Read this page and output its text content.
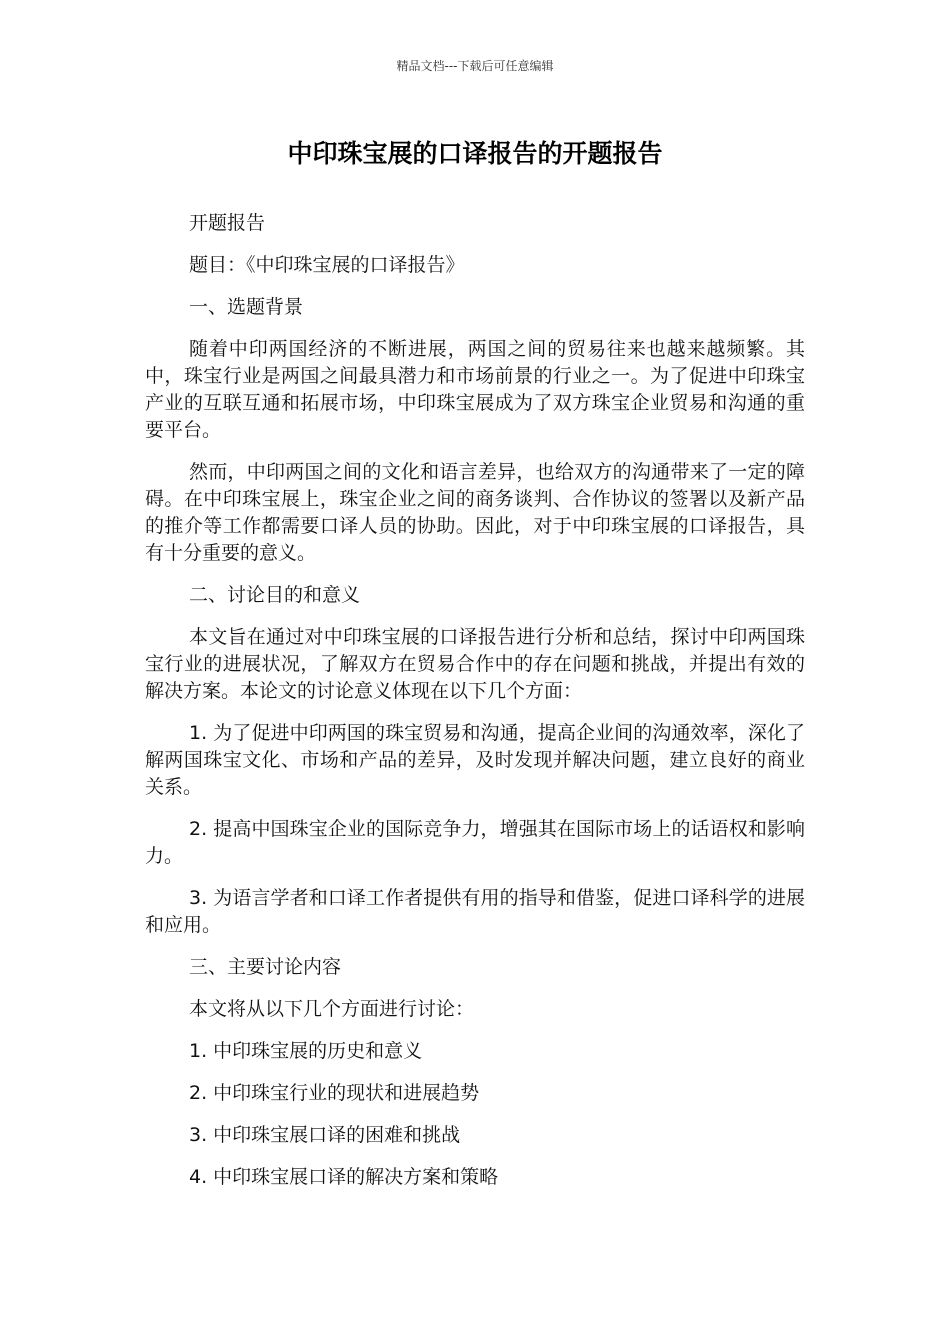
精品文档---下载后可任意编辑
中印珠宝展的口译报告的开题报告

开题报告

题目：《中印珠宝展的口译报告》

一、选题背景

随着中印两国经济的不断进展，两国之间的贸易往来也越来越频繁。其中，珠宝行业是两国之间最具潜力和市场前景的行业之一。为了促进中印珠宝产业的互联互通和拓展市场，中印珠宝展成为了双方珠宝企业贸易和沟通的重要平台。

然而，中印两国之间的文化和语言差异，也给双方的沟通带来了一定的障碍。在中印珠宝展上，珠宝企业之间的商务谈判、合作协议的签署以及新产品的推介等工作都需要口译人员的协助。因此，对于中印珠宝展的口译报告，具有十分重要的意义。

二、讨论目的和意义

本文旨在通过对中印珠宝展的口译报告进行分析和总结，探讨中印两国珠宝行业的进展状况，了解双方在贸易合作中的存在问题和挑战，并提出有效的解决方案。本论文的讨论意义体现在以下几个方面：

1. 为了促进中印两国的珠宝贸易和沟通，提高企业间的沟通效率，深化了解两国珠宝文化、市场和产品的差异，及时发现并解决问题，建立良好的商业关系。

2. 提高中国珠宝企业的国际竞争力，增强其在国际市场上的话语权和影响力。

3. 为语言学者和口译工作者提供有用的指导和借鉴，促进口译科学的进展和应用。

三、主要讨论内容

本文将从以下几个方面进行讨论：

1. 中印珠宝展的历史和意义

2. 中印珠宝行业的现状和进展趋势

3. 中印珠宝展口译的困难和挑战

4. 中印珠宝展口译的解决方案和策略
